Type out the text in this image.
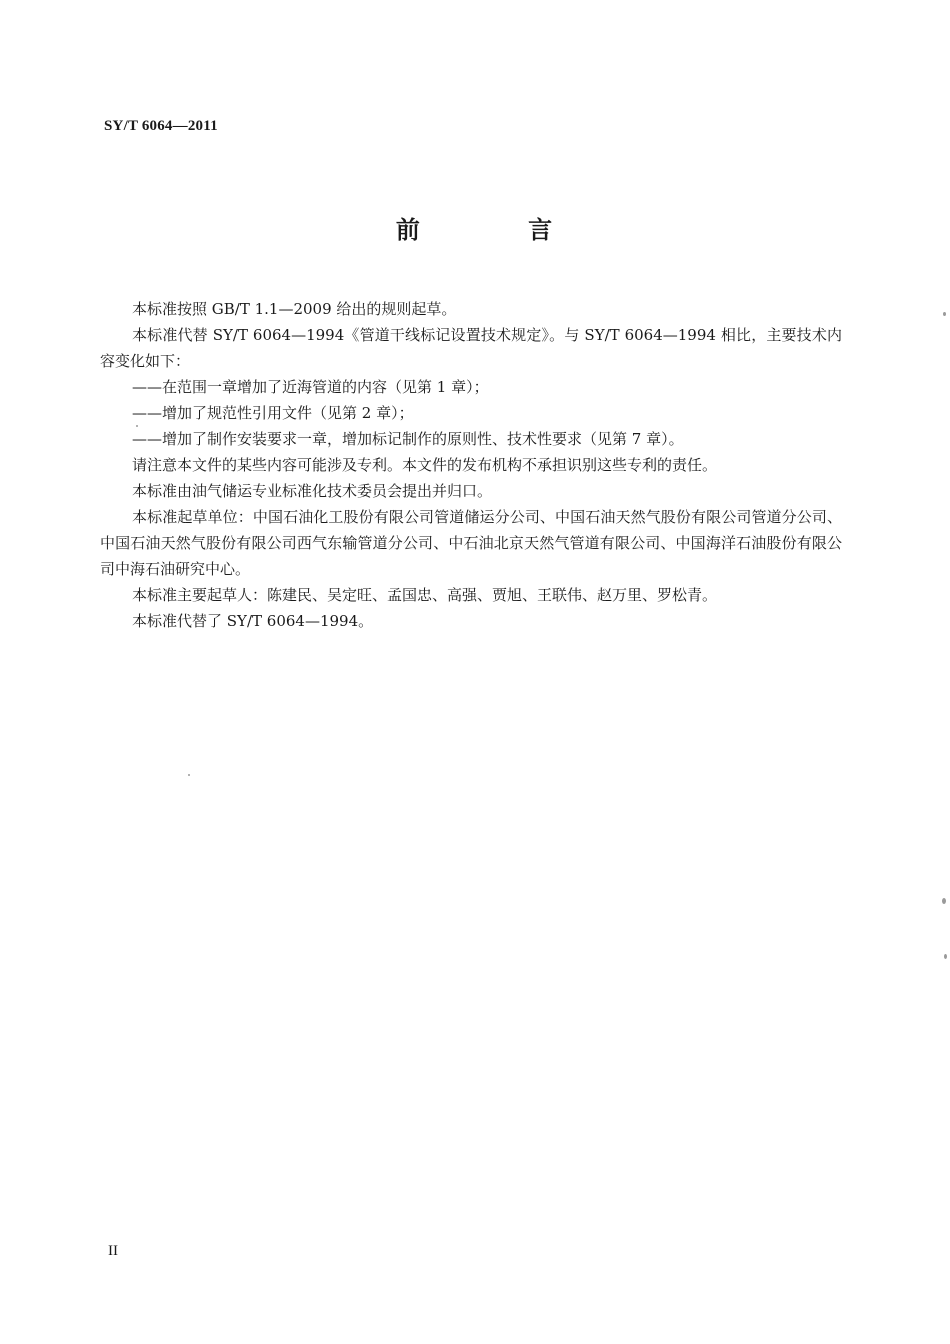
SY/T 6064—2011
前 言

本标准按照 GB/T 1.1—2009 给出的规则起草。

本标准代替 SY/T 6064—1994《管道干线标记设置技术规定》。与 SY/T 6064—1994 相比，主要技术内容变化如下：

——在范围一章增加了近海管道的内容（见第 1 章）；

——增加了规范性引用文件（见第 2 章）；

——增加了制作安装要求一章，增加标记制作的原则性、技术性要求（见第 7 章）。

请注意本文件的某些内容可能涉及专利。本文件的发布机构不承担识别这些专利的责任。

本标准由油气储运专业标准化技术委员会提出并归口。

本标准起草单位：中国石油化工股份有限公司管道储运分公司、中国石油天然气股份有限公司管道分公司、中国石油天然气股份有限公司西气东输管道分公司、中石油北京天然气管道有限公司、中国海洋石油股份有限公司中海石油研究中心。

本标准主要起草人：陈建民、吴定旺、孟国忠、高强、贾旭、王联伟、赵万里、罗松青。

本标准代替了 SY/T 6064—1994。

II
